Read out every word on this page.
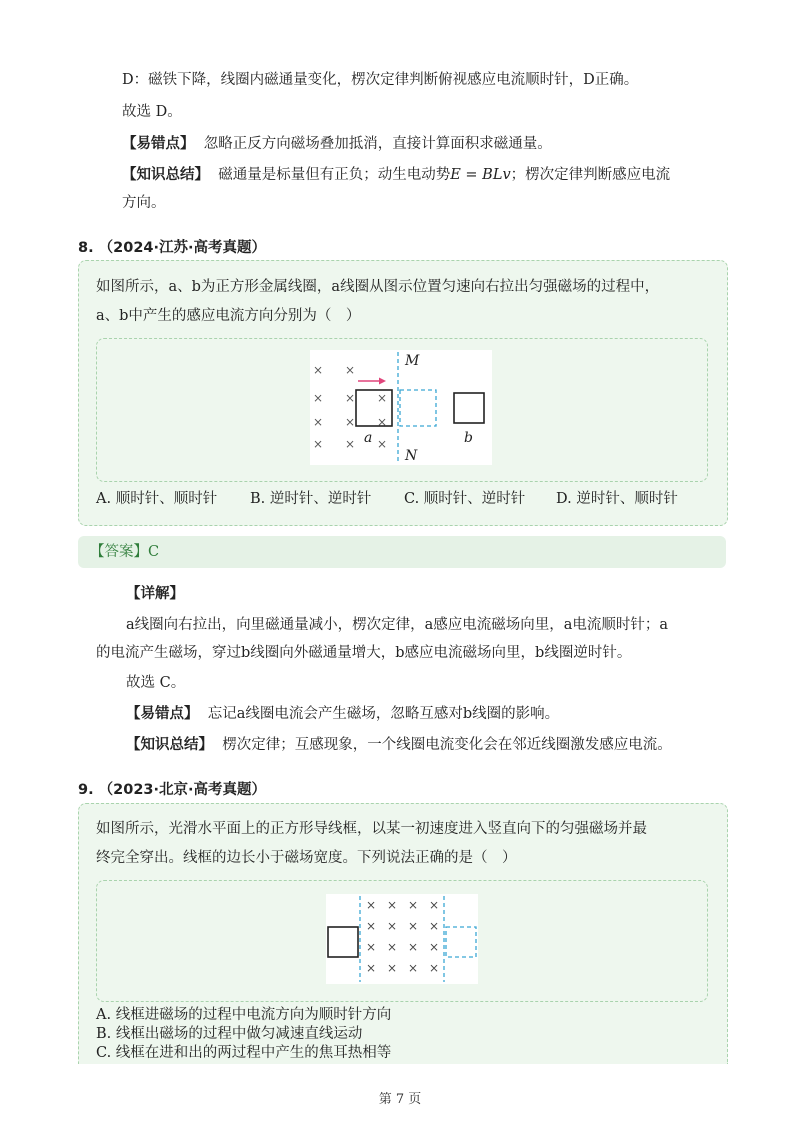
D：磁铁下降，线圈内磁通量变化，楞次定律判断俯视感应电流顺时针，D正确。
故选 D。
【易错点】 忽略正反方向磁场叠加抵消，直接计算面积求磁通量。
【知识总结】 磁通量是标量但有正负；动生电动势E = BLv；楞次定律判断感应电流
方向。
8. （2024·江苏·高考真题）
如图所示，a、b为正方形金属线圈，a线圈从图示位置匀速向右拉出匀强磁场的过程中，
a、b中产生的感应电流方向分别为（　）
× ×
× × ×
× × ×
× × ×
M
N
a	b
A. 顺时针、顺时针 B. 逆时针、逆时针 C. 顺时针、逆时针 D. 逆时针、顺时针
【答案】C
【详解】
a线圈向右拉出，向里磁通量减小，楞次定律，a感应电流磁场向里，a电流顺时针；a
的电流产生磁场，穿过b线圈向外磁通量增大，b感应电流磁场向里，b线圈逆时针。
故选 C。
【易错点】 忘记a线圈电流会产生磁场，忽略互感对b线圈的影响。
【知识总结】 楞次定律；互感现象，一个线圈电流变化会在邻近线圈激发感应电流。
9. （2023·北京·高考真题）
如图所示，光滑水平面上的正方形导线框，以某一初速度进入竖直向下的匀强磁场并最
终完全穿出。线框的边长小于磁场宽度。下列说法正确的是（　）
× × × ×
× × × ×
× × × ×
× × × ×
A. 线框进磁场的过程中电流方向为顺时针方向
B. 线框出磁场的过程中做匀减速直线运动
C. 线框在进和出的两过程中产生的焦耳热相等
第 7 页
